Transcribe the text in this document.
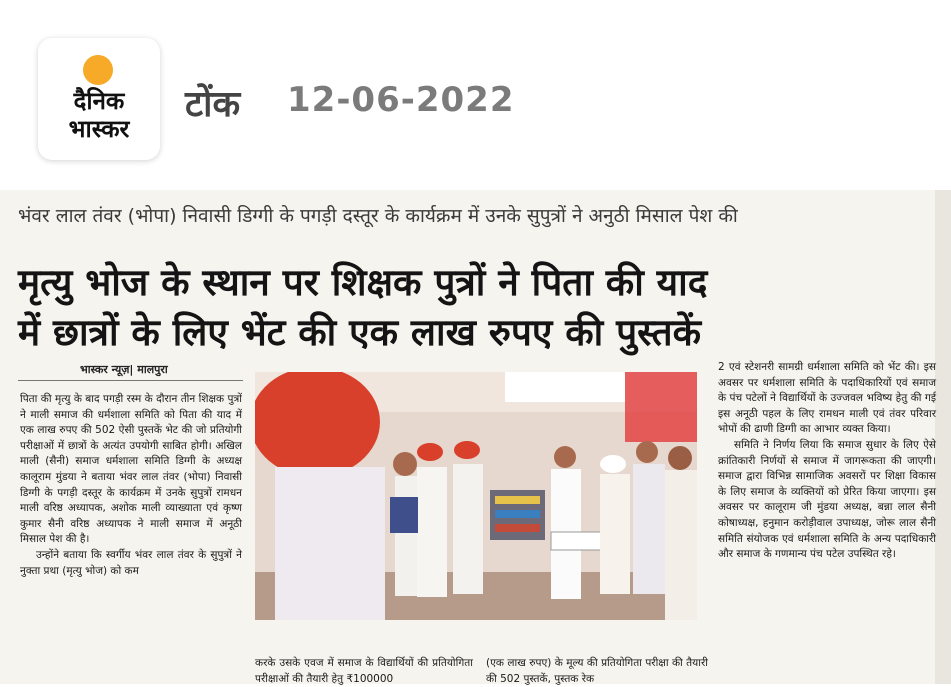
दैनिक
भास्कर
टोंक 12-06-2022
भंवर लाल तंवर (भोपा) निवासी डिग्गी के पगड़ी दस्तूर के कार्यक्रम में उनके सुपुत्रों ने अनुठी मिसाल पेश की
मृत्यु भोज के स्थान पर शिक्षक पुत्रों ने पिता की याद
में छात्रों के लिए भेंट की एक लाख रुपए की पुस्तकें
भास्कर न्यूज़| मालपुरा

पिता की मृत्यु के बाद पगड़ी रस्म के दौरान तीन शिक्षक पुत्रों ने माली समाज की धर्मशाला समिति को पिता की याद में एक लाख रुपए की 502 ऐसी पुस्तकें भेट की जो प्रतियोगी परीक्षाओं में छात्रों के अत्यंत उपयोगी साबित होगी। अखिल माली (सैनी) समाज धर्मशाला समिति डिग्गी के अध्यक्ष कालूराम मुंडया ने बताया भंवर लाल तंवर (भोपा) निवासी डिग्गी के पगड़ी दस्तूर के कार्यक्रम में उनके सुपुत्रों रामधन माली वरिष्ठ अध्यापक, अशोक माली व्याख्याता एवं कृष्ण कुमार सैनी वरिष्ठ अध्यापक ने माली समाज में अनूठी मिसाल पेश की है।

उन्होंने बताया कि स्वर्गीय भंवर लाल तंवर के सुपुत्रों ने नुक्ता प्रथा (मृत्यु भोज) को कम

करके उसके एवज में समाज के विद्यार्थियों की प्रतियोगिता परीक्षाओं की तैयारी हेतु ₹100000
(एक लाख रुपए) के मूल्य की प्रतियोगिता परीक्षा की तैयारी की 502 पुस्तकें, पुस्तक रेक

2 एवं स्टेशनरी सामग्री धर्मशाला समिति को भेंट की। इस अवसर पर धर्मशाला समिति के पदाधिकारियों एवं समाज के पंच पटेलों ने विद्यार्थियों के उज्जवल भविष्य हेतु की गई इस अनूठी पहल के लिए रामधन माली एवं तंवर परिवार भोपों की ढाणी डिग्गी का आभार व्यक्त किया।

समिति ने निर्णय लिया कि समाज सुधार के लिए ऐसे क्रांतिकारी निर्णयों से समाज में जागरूकता की जाएगी। समाज द्वारा विभिन्न सामाजिक अवसरों पर शिक्षा विकास के लिए समाज के व्यक्तियों को प्रेरित किया जाएगा। इस अवसर पर कालूराम जी मुंडया अध्यक्ष, बन्ना लाल सैनी कोषाध्यक्ष, हनुमान करोड़ीवाल उपाध्यक्ष, जोरू लाल सैनी समिति संयोजक एवं धर्मशाला समिति के अन्य पदाधिकारी और समाज के गणमान्य पंच पटेल उपस्थित रहे।
